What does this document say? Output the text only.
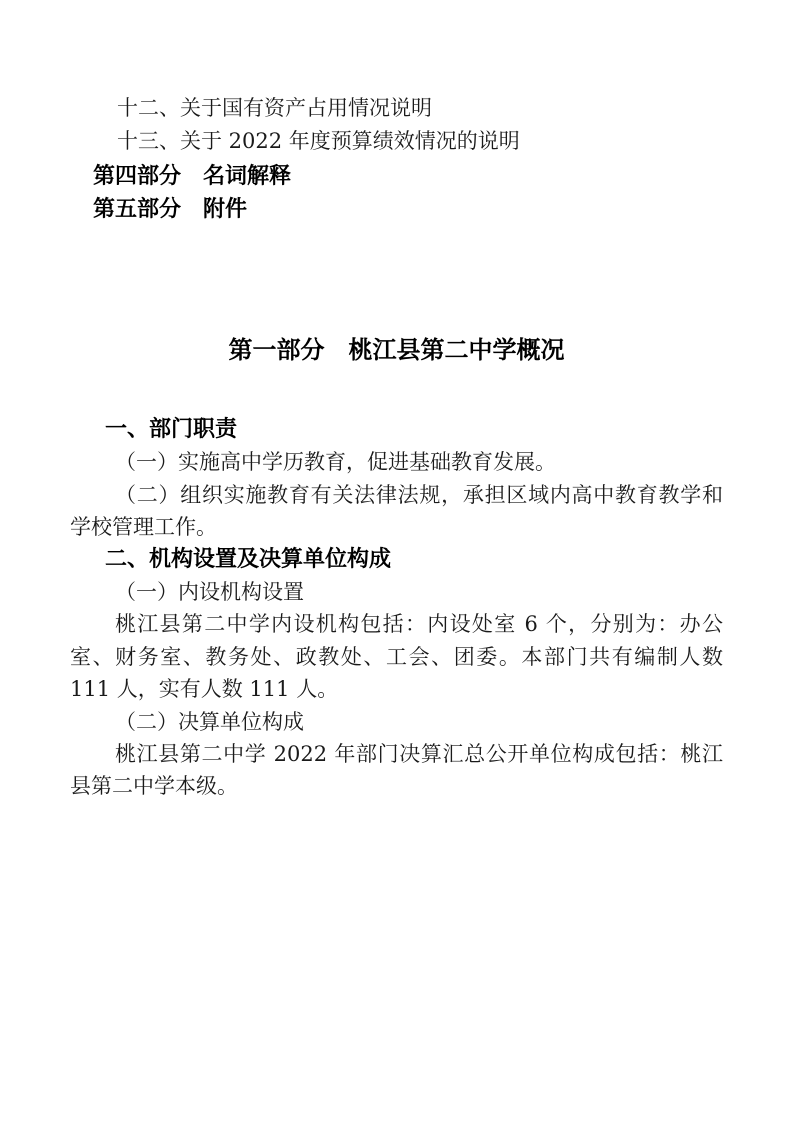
十二、关于国有资产占用情况说明
十三、关于 2022 年度预算绩效情况的说明
第四部分　名词解释
第五部分　附件
第一部分　桃江县第二中学概况
一、部门职责
（一）实施高中学历教育，促进基础教育发展。
（二）组织实施教育有关法律法规，承担区域内高中教育教学和
学校管理工作。
二、机构设置及决算单位构成
（一）内设机构设置
桃江县第二中学内设机构包括：内设处室 6 个，分别为：办公
室、财务室、教务处、政教处、工会、团委。本部门共有编制人数
111 人，实有人数 111 人。
（二）决算单位构成
桃江县第二中学 2022 年部门决算汇总公开单位构成包括：桃江
县第二中学本级。
